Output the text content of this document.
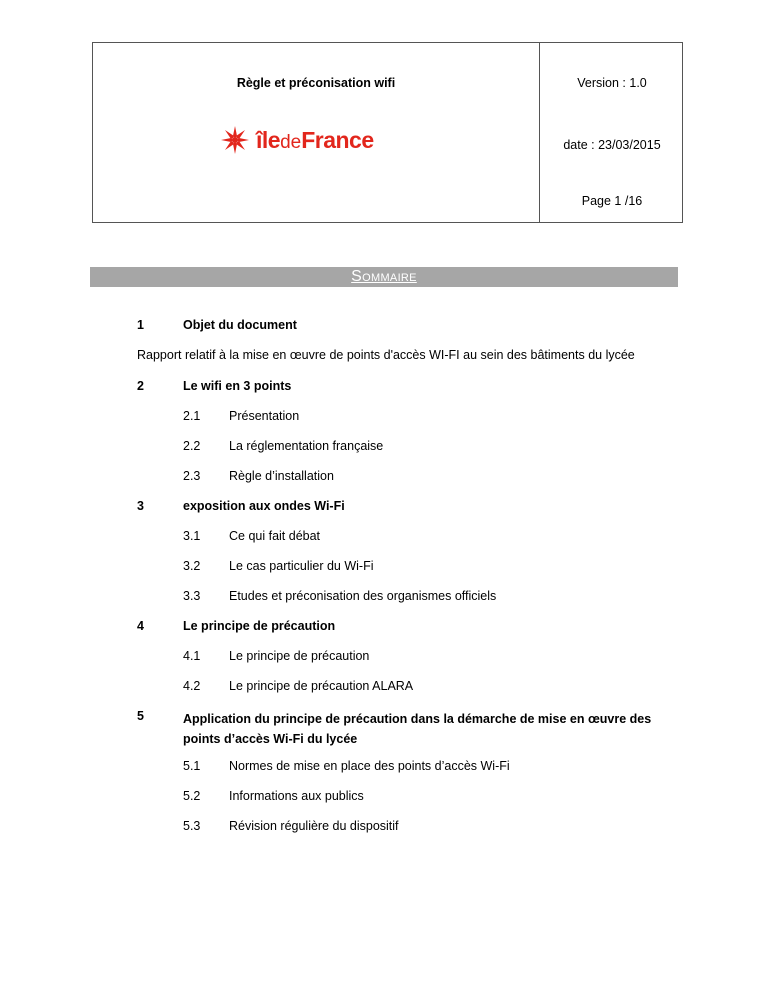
Règle et préconisation wifi
îledeFrance
Version : 1.0
date : 23/03/2015
Page 1 /16
Sommaire
1	Objet du document
Rapport relatif à la mise en œuvre de points d'accès WI-FI au sein des bâtiments du lycée
2	Le wifi en 3 points
2.1 Présentation
2.2 La réglementation française
2.3 Règle d’installation
3	exposition aux ondes Wi-Fi
3.1 Ce qui fait débat
3.2 Le cas particulier du Wi-Fi
3.3 Etudes et préconisation des organismes officiels
4	Le principe de précaution
4.1 Le principe de précaution
4.2 Le principe de précaution ALARA
5	Application du principe de précaution dans la démarche de mise en œuvre des points d’accès Wi-Fi du lycée
5.1 Normes de mise en place des points d’accès Wi-Fi
5.2 Informations aux publics
5.3 Révision régulière du dispositif
